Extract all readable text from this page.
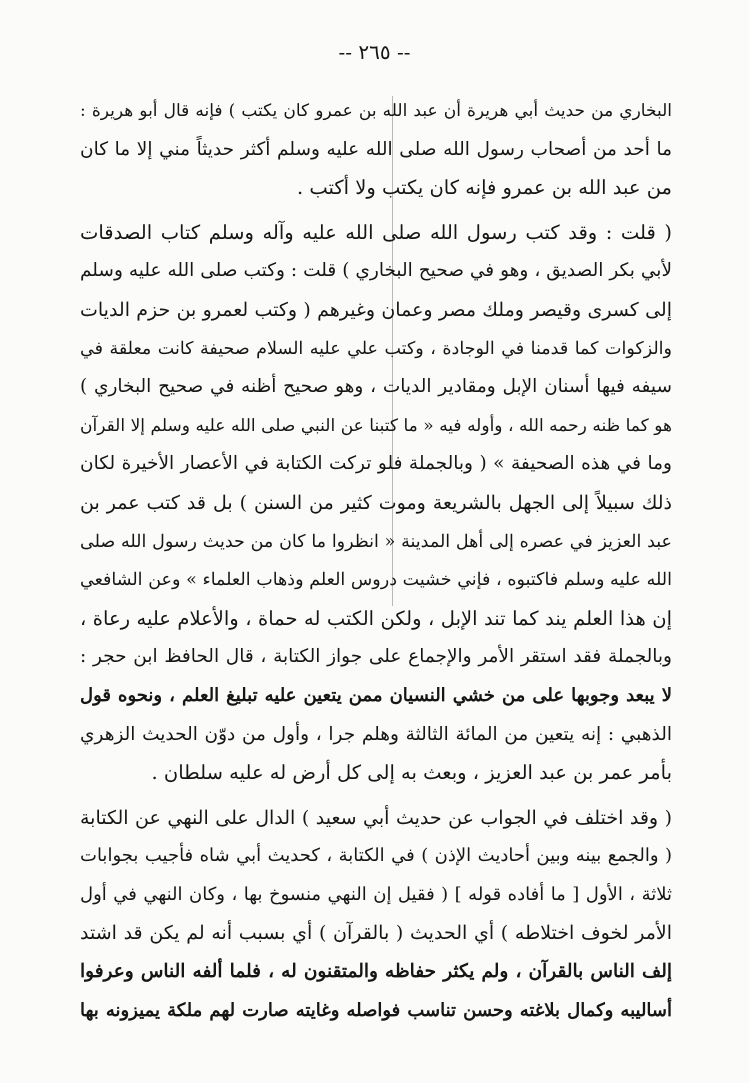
-- ٢٦٥ --
البخاري من حديث أبي هريرة أن عبد الله بن عمرو كان يكتب ) فإنه قال أبو هريرة :
ما أحد من أصحاب رسول الله صلى الله عليه وسلم أكثر حديثاً مني إلا ما كان
من عبد الله بن عمرو فإنه كان يكتب ولا أكتب .
( قلت : وقد كتب رسول الله صلى الله عليه وآله وسلم كتاب الصدقات
لأبي بكر الصديق ، وهو في صحيح البخاري ) قلت : وكتب صلى الله عليه وسلم
إلى كسرى وقيصر وملك مصر وعمان وغيرهم ( وكتب لعمرو بن حزم الديات
والزكوات كما قدمنا في الوجادة ، وكتب علي عليه السلام صحيفة كانت معلقة في
سيفه فيها أسنان الإبل ومقادير الديات ، وهو صحيح أظنه في صحيح البخاري )
هو كما ظنه رحمه الله ، وأوله فيه « ما كتبنا عن النبي صلى الله عليه وسلم إلا القرآن
وما في هذه الصحيفة » ( وبالجملة فلو تركت الكتابة في الأعصار الأخيرة لكان
ذلك سبيلاً إلى الجهل بالشريعة وموت كثير من السنن ) بل قد كتب عمر بن
عبد العزيز في عصره إلى أهل المدينة « انظروا ما كان من حديث رسول الله صلى
الله عليه وسلم فاكتبوه ، فإني خشيت دروس العلم وذهاب العلماء » وعن الشافعي
إن هذا العلم يند كما تند الإبل ، ولكن الكتب له حماة ، والأعلام عليه رعاة ،
وبالجملة فقد استقر الأمر والإجماع على جواز الكتابة ، قال الحافظ ابن حجر :
لا يبعد وجوبها على من خشي النسيان ممن يتعين عليه تبليغ العلم ، ونحوه قول
الذهبي : إنه يتعين من المائة الثالثة وهلم جرا ، وأول من دوّن الحديث الزهري
بأمر عمر بن عبد العزيز ، وبعث به إلى كل أرض له عليه سلطان .
( وقد اختلف في الجواب عن حديث أبي سعيد ) الدال على النهي عن الكتابة
( والجمع بينه وبين أحاديث الإذن ) في الكتابة ، كحديث أبي شاه فأجيب بجوابات
ثلاثة ، الأول [ ما أفاده قوله ] ( فقيل إن النهي منسوخ بها ، وكان النهي في أول
الأمر لخوف اختلاطه ) أي الحديث ( بالقرآن ) أي بسبب أنه لم يكن قد اشتد
إلف الناس بالقرآن ، ولم يكثر حفاظه والمتقنون له ، فلما ألفه الناس وعرفوا
أساليبه وكمال بلاغته وحسن تناسب فواصله وغايته صارت لهم ملكة يميزونه بها
